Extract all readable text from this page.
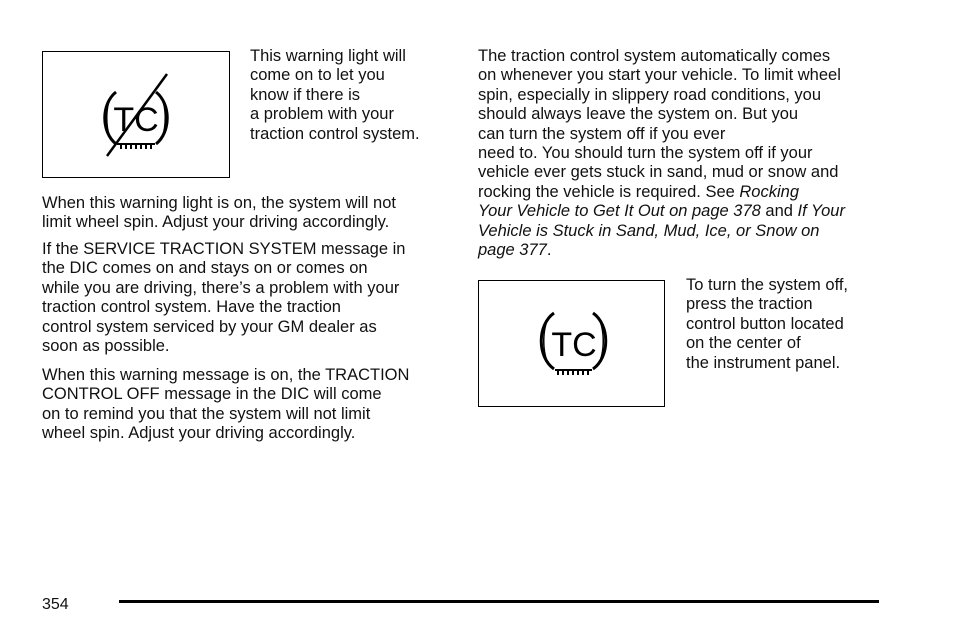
TC
This warning light will
come on to let you
know if there is
a problem with your
traction control system.
When this warning light is on, the system will not
limit wheel spin. Adjust your driving accordingly.
If the SERVICE TRACTION SYSTEM message in
the DIC comes on and stays on or comes on
while you are driving, there’s a problem with your
traction control system. Have the traction
control system serviced by your GM dealer as
soon as possible.
When this warning message is on, the TRACTION
CONTROL OFF message in the DIC will come
on to remind you that the system will not limit
wheel spin. Adjust your driving accordingly.
The traction control system automatically comes
on whenever you start your vehicle. To limit wheel
spin, especially in slippery road conditions, you
should always leave the system on. But you
can turn the system off if you ever
need to. You should turn the system off if your
vehicle ever gets stuck in sand, mud or snow and
rocking the vehicle is required. See Rocking
Your Vehicle to Get It Out on page 378 and If Your
Vehicle is Stuck in Sand, Mud, Ice, or Snow on
page 377.
TC
To turn the system off,
press the traction
control button located
on the center of
the instrument panel.
354
